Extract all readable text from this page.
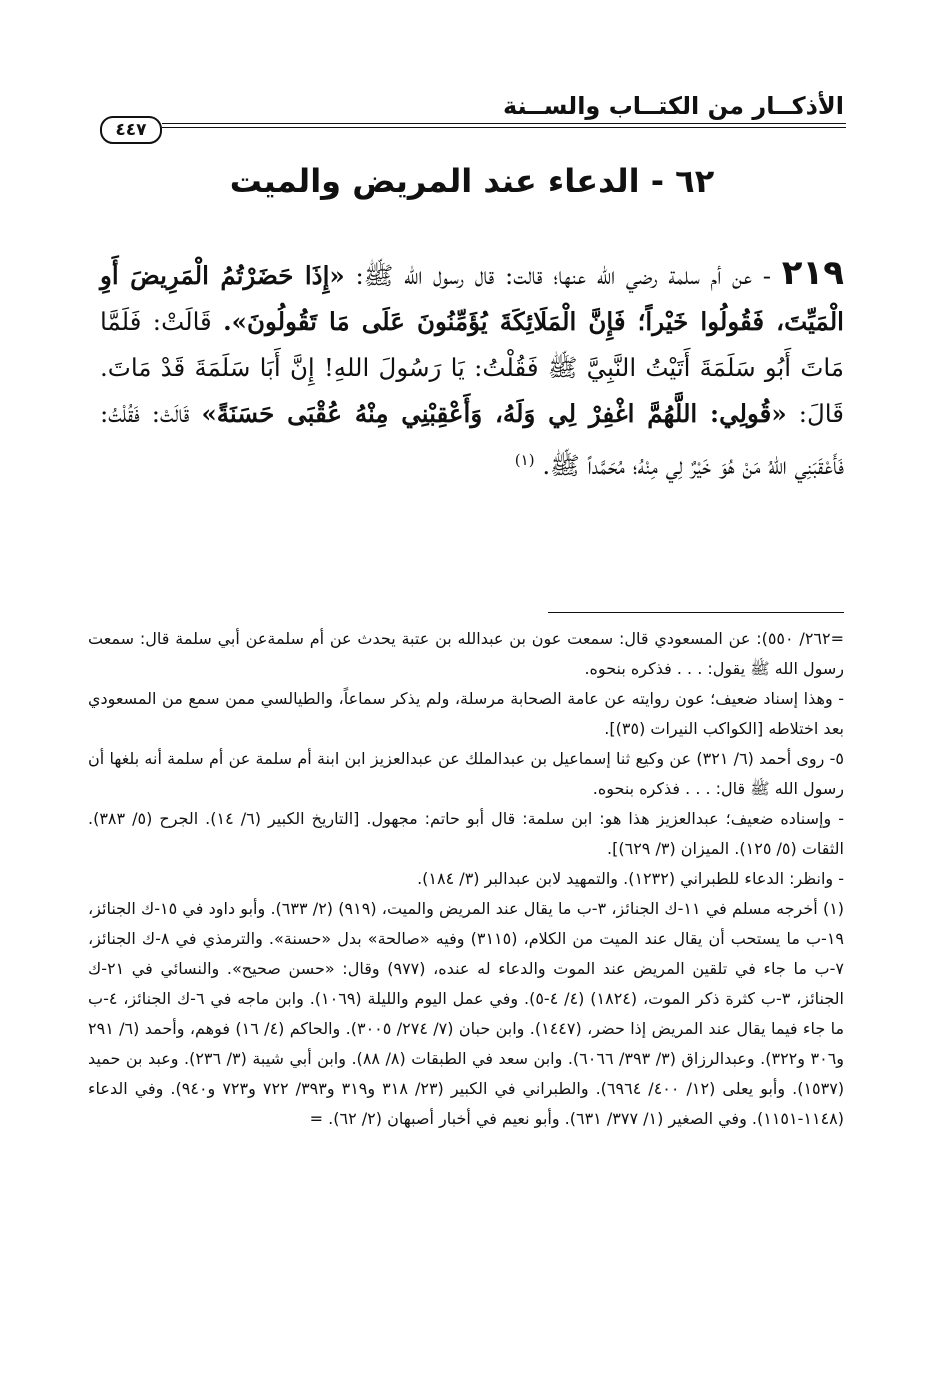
الأذكــار من الكتــاب والســنة
٤٤٧
٦٢ - الدعاء عند المريض والميت
٢١٩ - عن أم سلمة رضي الله عنها؛ قالت: قال رسول الله ﷺ: «إِذَا حَضَرْتُمُ الْمَرِيضَ أَوِ الْمَيِّتَ، فَقُولُوا خَيْراً؛ فَإِنَّ الْمَلَائِكَةَ يُؤَمِّنُونَ عَلَى مَا تَقُولُونَ». قَالَتْ: فَلَمَّا مَاتَ أَبُو سَلَمَةَ أَتَيْتُ النَّبِيَّ ﷺ فَقُلْتُ: يَا رَسُولَ اللهِ! إِنَّ أَبَا سَلَمَةَ قَدْ مَاتَ. قَالَ: «قُولِي: اللَّهُمَّ اغْفِرْ لِي وَلَهُ، وَأَعْقِبْنِي مِنْهُ عُقْبَى حَسَنَةً» قَالَتْ: فَقُلْتُ: فَأَعْقَبَنِي اللهُ مَنْ هُوَ خَيْرٌ لِي مِنْهُ؛ مُحَمَّداً ﷺ. $^{(١)}$

=٢٦٢/ ٥٥٠): عن المسعودي قال: سمعت عون بن عبدالله بن عتبة يحدث عن أم سلمةعن أبي سلمة قال: سمعت رسول الله ﷺ يقول: . . . فذكره بنحوه.

- وهذا إسناد ضعيف؛ عون روايته عن عامة الصحابة مرسلة، ولم يذكر سماعاً، والطيالسي ممن سمع من المسعودي بعد اختلاطه [الكواكب النيرات (٣٥)].

٥- روى أحمد (٦/ ٣٢١) عن وكيع ثنا إسماعيل بن عبدالملك عن عبدالعزيز ابن ابنة أم سلمة عن أم سلمة أنه بلغها أن رسول الله ﷺ قال: . . . فذكره بنحوه.

- وإسناده ضعيف؛ عبدالعزيز هذا هو: ابن سلمة: قال أبو حاتم: مجهول. [التاريخ الكبير (٦/ ١٤). الجرح (٥/ ٣٨٣). الثقات (٥/ ١٢٥). الميزان (٣/ ٦٢٩)].

- وانظر: الدعاء للطبراني (١٢٣٢). والتمهيد لابن عبدالبر (٣/ ١٨٤).

(١) أخرجه مسلم في ١١-ك الجنائز، ٣-ب ما يقال عند المريض والميت، (٩١٩) (٢/ ٦٣٣). وأبو داود في ١٥-ك الجنائز، ١٩-ب ما يستحب أن يقال عند الميت من الكلام، (٣١١٥) وفيه «صالحة» بدل «حسنة». والترمذي في ٨-ك الجنائز، ٧-ب ما جاء في تلقين المريض عند الموت والدعاء له عنده، (٩٧٧) وقال: «حسن صحيح». والنسائي في ٢١-ك الجنائز، ٣-ب كثرة ذكر الموت، (١٨٢٤) (٤/ ٤-٥). وفي عمل اليوم والليلة (١٠٦٩). وابن ماجه في ٦-ك الجنائز، ٤-ب ما جاء فيما يقال عند المريض إذا حضر، (١٤٤٧). وابن حبان (٧/ ٢٧٤/ ٣٠٠٥). والحاكم (٤/ ١٦) فوهم، وأحمد (٦/ ٢٩١ و٣٠٦ و٣٢٢). وعبدالرزاق (٣/ ٣٩٣/ ٦٠٦٦). وابن سعد في الطبقات (٨/ ٨٨). وابن أبي شيبة (٣/ ٢٣٦). وعبد بن حميد (١٥٣٧). وأبو يعلى (١٢/ ٤٠٠/ ٦٩٦٤). والطبراني في الكبير (٢٣/ ٣١٨ و٣١٩ و٣٩٣/ ٧٢٢ و٧٢٣ و٩٤٠). وفي الدعاء (١١٤٨-١١٥١). وفي الصغير (١/ ٣٧٧/ ٦٣١). وأبو نعيم في أخبار أصبهان (٢/ ٦٢). =
